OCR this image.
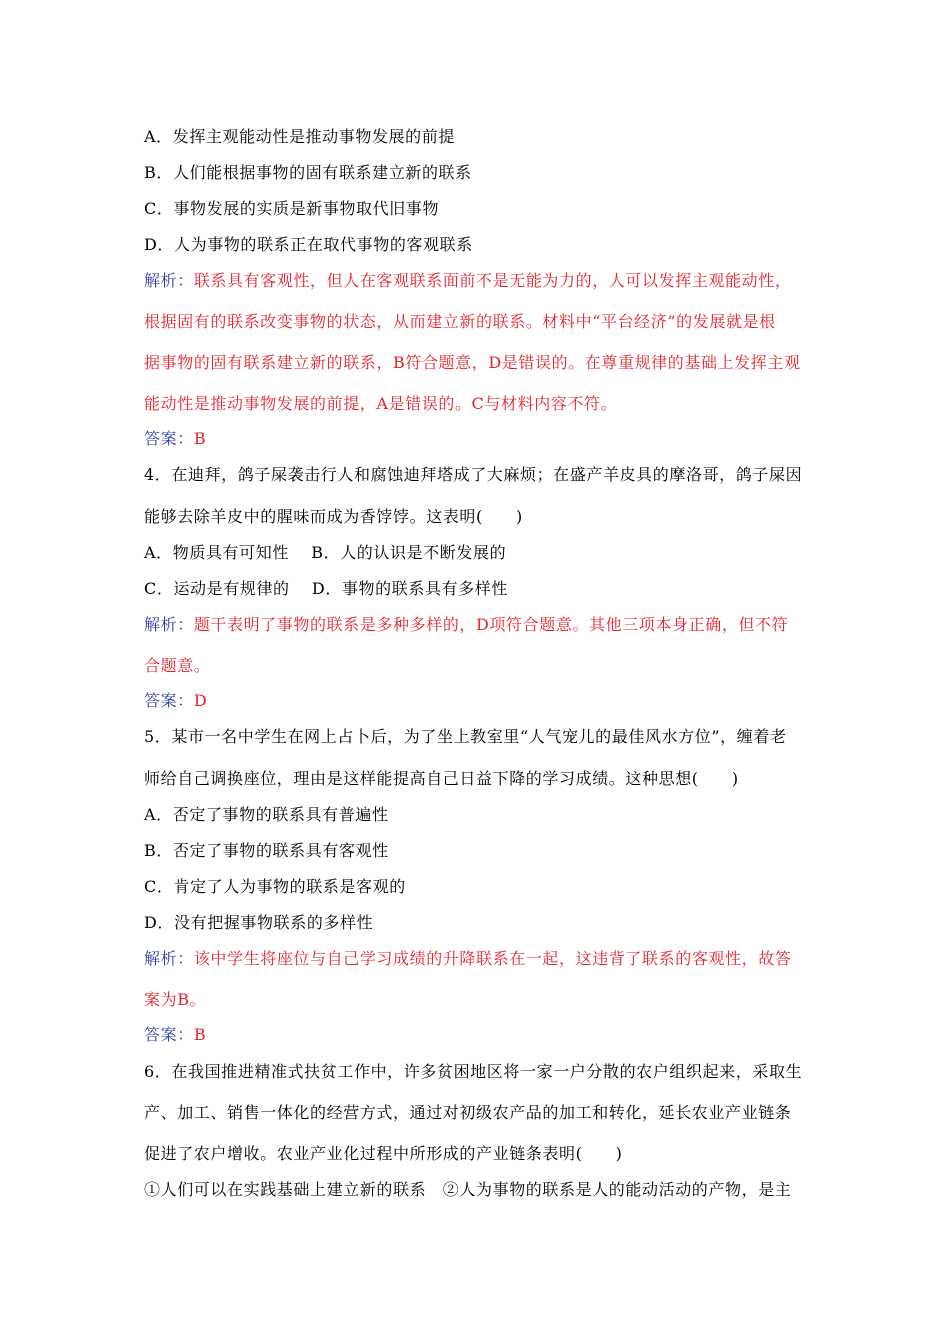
A．发挥主观能动性是推动事物发展的前提
B．人们能根据事物的固有联系建立新的联系
C．事物发展的实质是新事物取代旧事物
D．人为事物的联系正在取代事物的客观联系
解析：联系具有客观性，但人在客观联系面前不是无能为力的，人可以发挥主观能动性，
根据固有的联系改变事物的状态，从而建立新的联系。材料中“平台经济”的发展就是根
据事物的固有联系建立新的联系，B符合题意，D是错误的。在尊重规律的基础上发挥主观
能动性是推动事物发展的前提，A是错误的。C与材料内容不符。
答案：B
4．在迪拜，鸽子屎袭击行人和腐蚀迪拜塔成了大麻烦；在盛产羊皮具的摩洛哥，鸽子屎因
能够去除羊皮中的腥味而成为香饽饽。这表明(　　)
A．物质具有可知性　 B．人的认识是不断发展的
C．运动是有规律的　 D．事物的联系具有多样性
解析：题干表明了事物的联系是多种多样的，D项符合题意。其他三项本身正确，但不符
合题意。
答案：D
5．某市一名中学生在网上占卜后，为了坐上教室里“人气宠儿的最佳风水方位”，缠着老
师给自己调换座位，理由是这样能提高自己日益下降的学习成绩。这种思想(　　)
A．否定了事物的联系具有普遍性
B．否定了事物的联系具有客观性
C．肯定了人为事物的联系是客观的
D．没有把握事物联系的多样性
解析：该中学生将座位与自己学习成绩的升降联系在一起，这违背了联系的客观性，故答
案为B。
答案：B
6．在我国推进精准式扶贫工作中，许多贫困地区将一家一户分散的农户组织起来，采取生
产、加工、销售一体化的经营方式，通过对初级农产品的加工和转化，延长农业产业链条
促进了农户增收。农业产业化过程中所形成的产业链条表明(　　)
①人们可以在实践基础上建立新的联系　②人为事物的联系是人的能动活动的产物，是主
